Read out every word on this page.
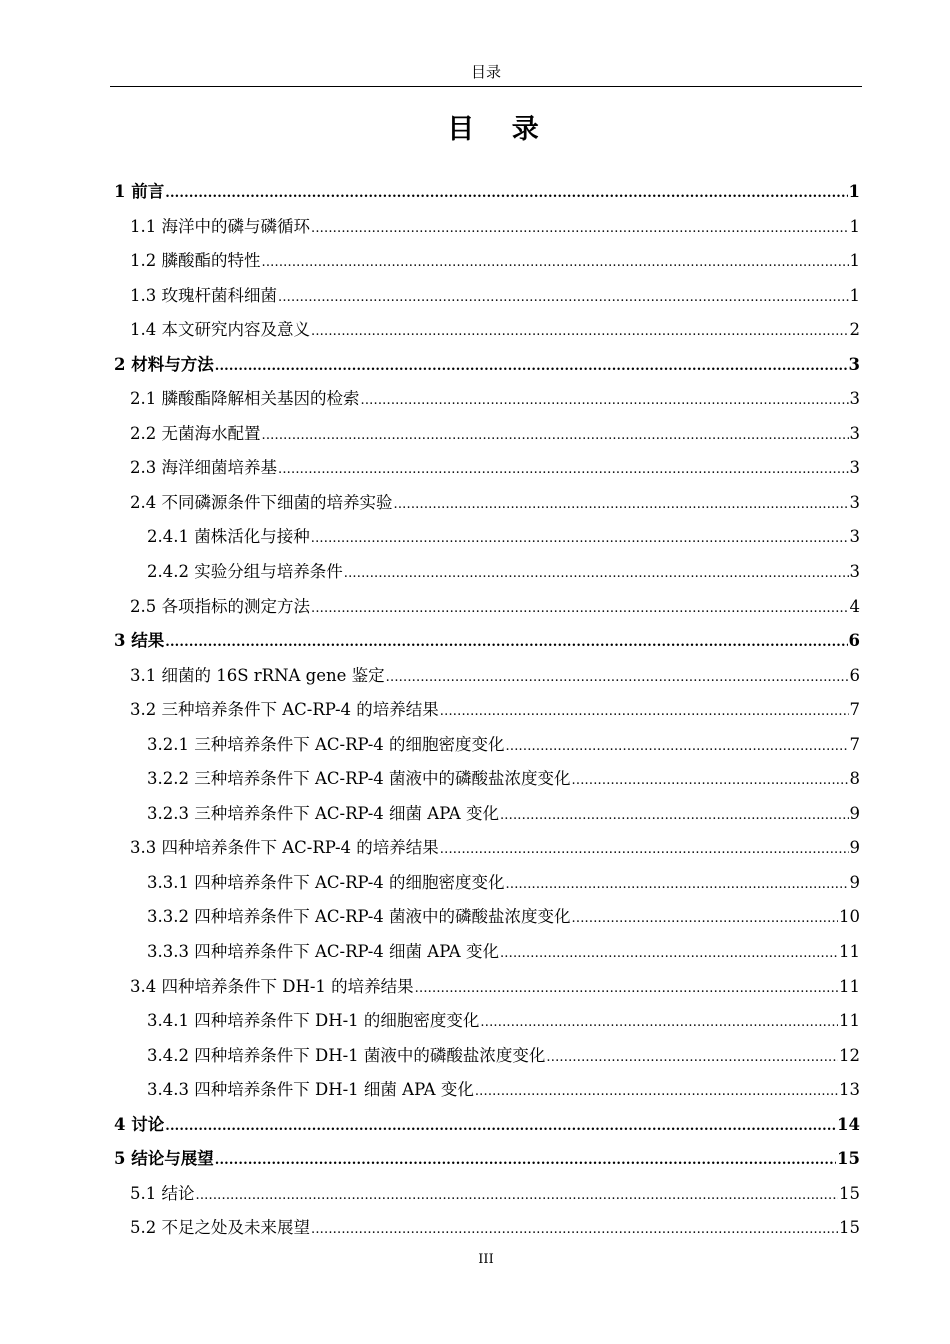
目录
目 录
1 前言 .....	1
1.1 海洋中的磷与磷循环 .....	1
1.2 膦酸酯的特性 .....	1
1.3 玫瑰杆菌科细菌 .....	1
1.4 本文研究内容及意义 .....	2
2 材料与方法 .....	3
2.1 膦酸酯降解相关基因的检索 .....	3
2.2 无菌海水配置 .....	3
2.3 海洋细菌培养基 .....	3
2.4 不同磷源条件下细菌的培养实验 .....	3
2.4.1 菌株活化与接种 .....	3
2.4.2 实验分组与培养条件 .....	3
2.5 各项指标的测定方法 .....	4
3 结果 .....	6
3.1 细菌的 16S rRNA gene 鉴定 .....	6
3.2 三种培养条件下 AC-RP-4 的培养结果 .....	7
3.2.1 三种培养条件下 AC-RP-4 的细胞密度变化 .....	7
3.2.2 三种培养条件下 AC-RP-4 菌液中的磷酸盐浓度变化 .....	8
3.2.3 三种培养条件下 AC-RP-4 细菌 APA 变化 .....	9
3.3 四种培养条件下 AC-RP-4 的培养结果 .....	9
3.3.1 四种培养条件下 AC-RP-4 的细胞密度变化 .....	9
3.3.2 四种培养条件下 AC-RP-4 菌液中的磷酸盐浓度变化 .....	10
3.3.3 四种培养条件下 AC-RP-4 细菌 APA 变化 .....	11
3.4 四种培养条件下 DH-1 的培养结果 .....	11
3.4.1 四种培养条件下 DH-1 的细胞密度变化 .....	11
3.4.2 四种培养条件下 DH-1 菌液中的磷酸盐浓度变化 .....	12
3.4.3 四种培养条件下 DH-1 细菌 APA 变化 .....	13
4 讨论 .....	14
5 结论与展望 .....	15
5.1 结论 .....	15
5.2 不足之处及未来展望 .....	15
III
